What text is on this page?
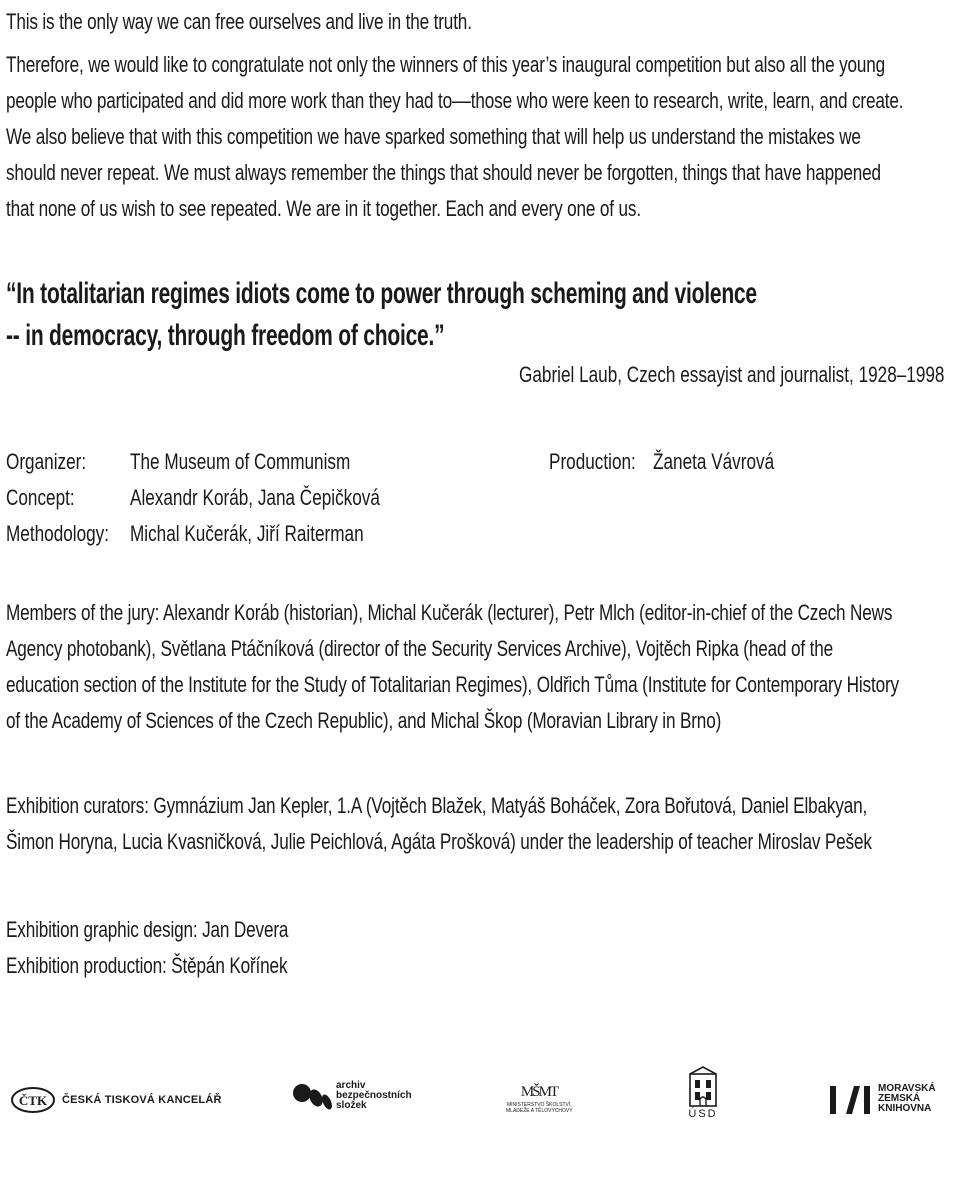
This is the only way we can free ourselves and live in the truth.
Therefore, we would like to congratulate not only the winners of this year’s inaugural competition but also all the young people who participated and did more work than they had to––those who were keen to research, write, learn, and create. We also believe that with this competition we have sparked something that will help us understand the mistakes we should never repeat. We must always remember the things that should never be forgotten, things that have happened that none of us wish to see repeated. We are in it together. Each and every one of us.
“In totalitarian regimes idiots come to power through scheming and violence
-- in democracy, through freedom of choice.”
Gabriel Laub, Czech essayist and journalist, 1928–1998
Organizer: The Museum of Communism
Concept:	Alexandr Koráb, Jana Čepičková
Methodology: Michal Kučerák, Jiří Raiterman
Production: Žaneta Vávrová
Members of the jury: Alexandr Koráb (historian), Michal Kučerák (lecturer), Petr Mlch (editor-in-chief of the Czech News Agency photobank), Světlana Ptáčníková (director of the Security Services Archive), Vojtěch Ripka (head of the education section of the Institute for the Study of Totalitarian Regimes), Oldřich Tůma (Institute for Contemporary History of the Academy of Sciences of the Czech Republic), and Michal Škop (Moravian Library in Brno)
Exhibition curators: Gymnázium Jan Kepler, 1.A (Vojtěch Blažek, Matyáš Boháček, Zora Bořutová, Daniel Elbakyan, Šimon Horyna, Lucia Kvasničková, Julie Peichlová, Agáta Prošková) under the leadership of teacher Miroslav Pešek
Exhibition graphic design: Jan Devera
Exhibition production: Štěpán Kořínek
ČTK ČESKÁ TISKOVÁ KANCELÁŘ
archiv
bezpečnostních
složek
MŠMT
MINISTERSTVO ŠKOLSTVÍ,
MLÁDEŽE A TĚLOVÝCHOVY	ÚSD
MORAVSKÁ
ZEMSKÁ
KNIHOVNA
